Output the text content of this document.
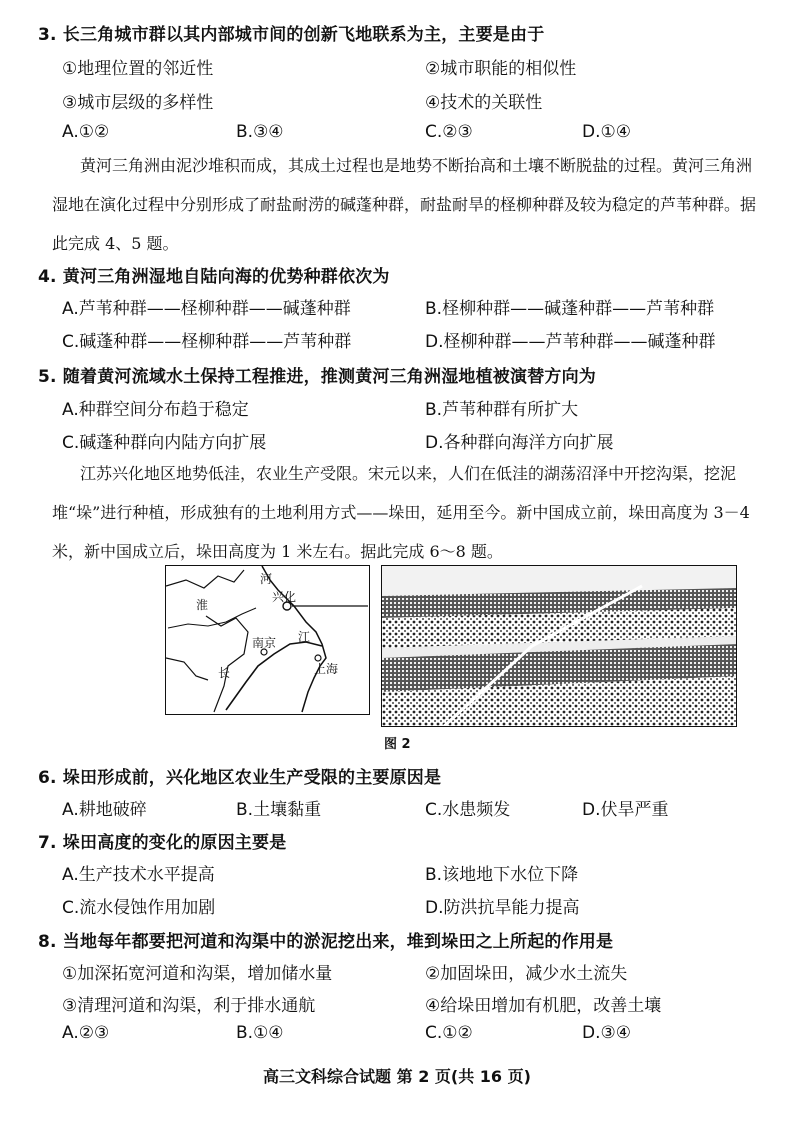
3. 长三角城市群以其内部城市间的创新飞地联系为主，主要是由于
①地理位置的邻近性	②城市职能的相似性
③城市层级的多样性	④技术的关联性
A.①②	B.③④	C.②③	D.①④
黄河三角洲由泥沙堆积而成，其成土过程也是地势不断抬高和土壤不断脱盐的过程。黄河三角洲湿地在演化过程中分别形成了耐盐耐涝的碱蓬种群，耐盐耐旱的柽柳种群及较为稳定的芦苇种群。据此完成 4、5 题。
4. 黄河三角洲湿地自陆向海的优势种群依次为
A.芦苇种群——柽柳种群——碱蓬种群	B.柽柳种群——碱蓬种群——芦苇种群
C.碱蓬种群——柽柳种群——芦苇种群	D.柽柳种群——芦苇种群——碱蓬种群
5. 随着黄河流域水土保持工程推进，推测黄河三角洲湿地植被演替方向为
A.种群空间分布趋于稳定	B.芦苇种群有所扩大
C.碱蓬种群向内陆方向扩展	D.各种群向海洋方向扩展
江苏兴化地区地势低洼，农业生产受限。宋元以来，人们在低洼的湖荡沼泽中开挖沟渠，挖泥堆“垛”进行种植，形成独有的土地利用方式——垛田，延用至今。新中国成立前，垛田高度为 3－4 米，新中国成立后，垛田高度为 1 米左右。据此完成 6～8 题。
河
兴化
淮
江
南京
上海
长
图 2
6. 垛田形成前，兴化地区农业生产受限的主要原因是
A.耕地破碎	B.土壤黏重	C.水患频发	D.伏旱严重
7. 垛田高度的变化的原因主要是
A.生产技术水平提高	B.该地地下水位下降
C.流水侵蚀作用加剧	D.防洪抗旱能力提高
8. 当地每年都要把河道和沟渠中的淤泥挖出来，堆到垛田之上所起的作用是
①加深拓宽河道和沟渠，增加储水量	②加固垛田，减少水土流失
③清理河道和沟渠，利于排水通航	④给垛田增加有机肥，改善土壤
A.②③	B.①④	C.①②	D.③④
高三文科综合试题 第 2 页(共 16 页)
